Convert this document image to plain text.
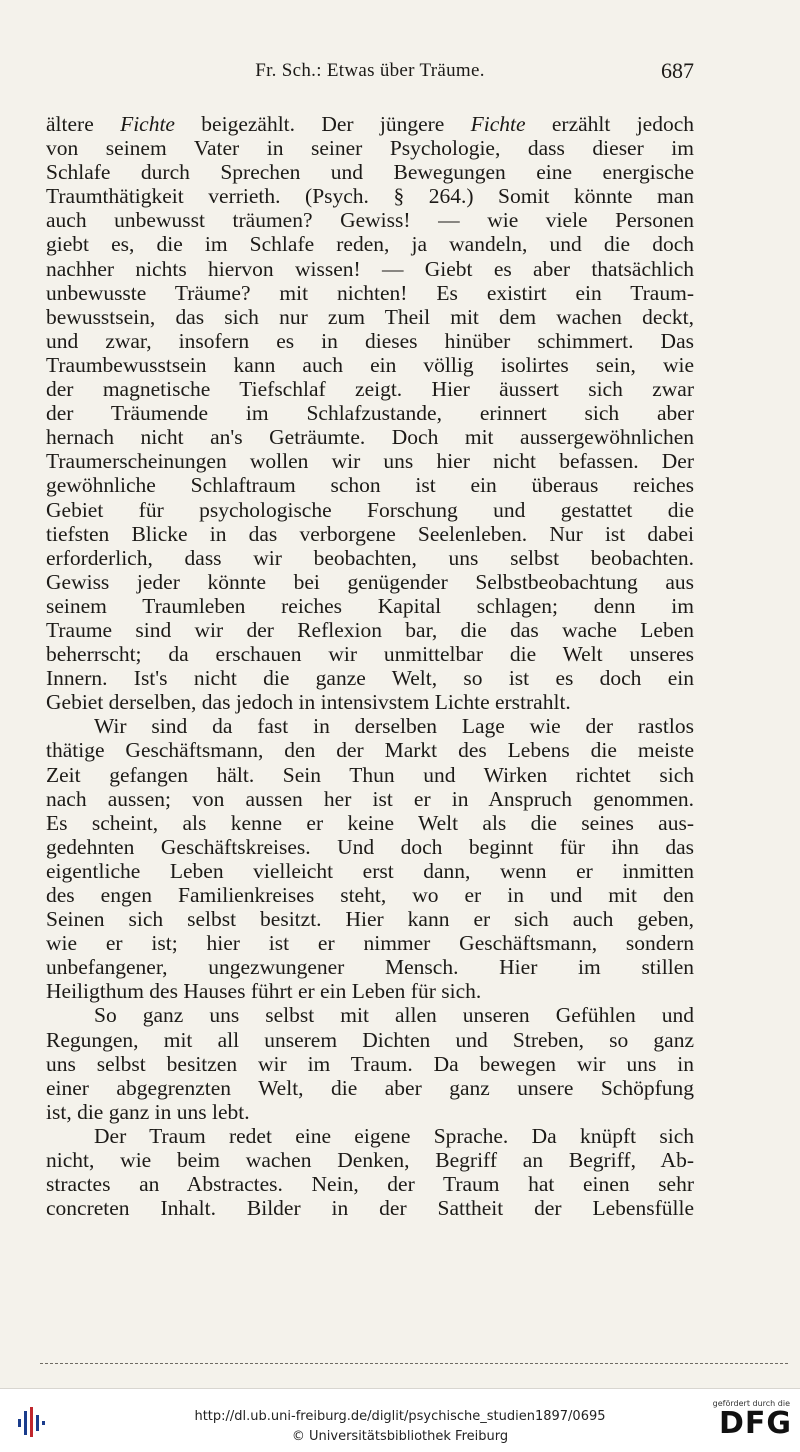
Fr. Sch.: Etwas über Träume.	687
ältere Fichte beigezählt. Der jüngere Fichte erzählt jedoch
von seinem Vater in seiner Psychologie, dass dieser im
Schlafe durch Sprechen und Bewegungen eine energische
Traumthätigkeit verrieth. (Psych. § 264.) Somit könnte man
auch unbewusst träumen? Gewiss! — wie viele Personen
giebt es, die im Schlafe reden, ja wandeln, und die doch
nachher nichts hiervon wissen! — Giebt es aber thatsächlich
unbewusste Träume? mit nichten! Es existirt ein Traum-
bewusstsein, das sich nur zum Theil mit dem wachen deckt,
und zwar, insofern es in dieses hinüber schimmert. Das
Traumbewusstsein kann auch ein völlig isolirtes sein, wie
der magnetische Tiefschlaf zeigt. Hier äussert sich zwar
der Träumende im Schlafzustande, erinnert sich aber
hernach nicht an's Geträumte. Doch mit aussergewöhnlichen
Traumerscheinungen wollen wir uns hier nicht befassen. Der
gewöhnliche Schlaftraum schon ist ein überaus reiches
Gebiet für psychologische Forschung und gestattet die
tiefsten Blicke in das verborgene Seelenleben. Nur ist dabei
erforderlich, dass wir beobachten, uns selbst beobachten.
Gewiss jeder könnte bei genügender Selbstbeobachtung aus
seinem Traumleben reiches Kapital schlagen; denn im
Traume sind wir der Reflexion bar, die das wache Leben
beherrscht; da erschauen wir unmittelbar die Welt unseres
Innern. Ist's nicht die ganze Welt, so ist es doch ein
Gebiet derselben, das jedoch in intensivstem Lichte erstrahlt.
Wir sind da fast in derselben Lage wie der rastlos
thätige Geschäftsmann, den der Markt des Lebens die meiste
Zeit gefangen hält. Sein Thun und Wirken richtet sich
nach aussen; von aussen her ist er in Anspruch genommen.
Es scheint, als kenne er keine Welt als die seines aus-
gedehnten Geschäftskreises. Und doch beginnt für ihn das
eigentliche Leben vielleicht erst dann, wenn er inmitten
des engen Familienkreises steht, wo er in und mit den
Seinen sich selbst besitzt. Hier kann er sich auch geben,
wie er ist; hier ist er nimmer Geschäftsmann, sondern
unbefangener, ungezwungener Mensch. Hier im stillen
Heiligthum des Hauses führt er ein Leben für sich.
So ganz uns selbst mit allen unseren Gefühlen und
Regungen, mit all unserem Dichten und Streben, so ganz
uns selbst besitzen wir im Traum. Da bewegen wir uns in
einer abgegrenzten Welt, die aber ganz unsere Schöpfung
ist, die ganz in uns lebt.
Der Traum redet eine eigene Sprache. Da knüpft sich
nicht, wie beim wachen Denken, Begriff an Begriff, Ab-
stractes an Abstractes. Nein, der Traum hat einen sehr
concreten Inhalt. Bilder in der Sattheit der Lebensfülle
http://dl.ub.uni-freiburg.de/diglit/psychische_studien1897/0695
© Universitätsbibliothek Freiburg
gefördert durch die
DFG
